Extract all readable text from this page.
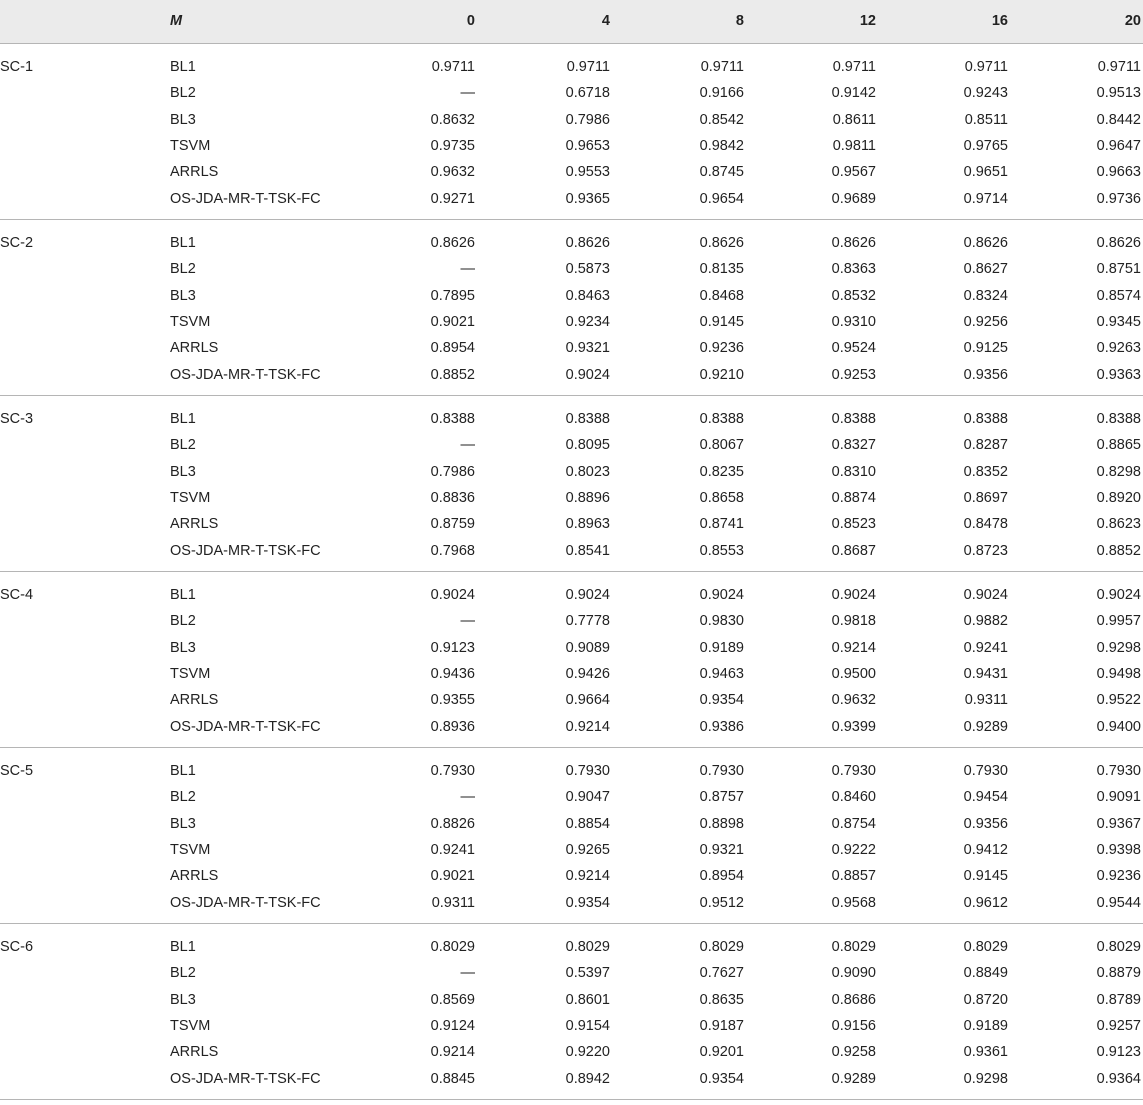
M	0	4	8	12	16	20
SC-1	BL1	0.9711	0.9711	0.9711	0.9711	0.9711	0.9711
BL2	—	0.6718	0.9166	0.9142	0.9243	0.9513
BL3	0.8632	0.7986	0.8542	0.8611	0.8511	0.8442
TSVM	0.9735	0.9653	0.9842	0.9811	0.9765	0.9647
ARRLS	0.9632	0.9553	0.8745	0.9567	0.9651	0.9663
OS-JDA-MR-T-TSK-FC	0.9271	0.9365	0.9654	0.9689	0.9714	0.9736
SC-2	BL1	0.8626	0.8626	0.8626	0.8626	0.8626	0.8626
BL2	—	0.5873	0.8135	0.8363	0.8627	0.8751
BL3	0.7895	0.8463	0.8468	0.8532	0.8324	0.8574
TSVM	0.9021	0.9234	0.9145	0.9310	0.9256	0.9345
ARRLS	0.8954	0.9321	0.9236	0.9524	0.9125	0.9263
OS-JDA-MR-T-TSK-FC	0.8852	0.9024	0.9210	0.9253	0.9356	0.9363
SC-3	BL1	0.8388	0.8388	0.8388	0.8388	0.8388	0.8388
BL2	—	0.8095	0.8067	0.8327	0.8287	0.8865
BL3	0.7986	0.8023	0.8235	0.8310	0.8352	0.8298
TSVM	0.8836	0.8896	0.8658	0.8874	0.8697	0.8920
ARRLS	0.8759	0.8963	0.8741	0.8523	0.8478	0.8623
OS-JDA-MR-T-TSK-FC	0.7968	0.8541	0.8553	0.8687	0.8723	0.8852
SC-4	BL1	0.9024	0.9024	0.9024	0.9024	0.9024	0.9024
BL2	—	0.7778	0.9830	0.9818	0.9882	0.9957
BL3	0.9123	0.9089	0.9189	0.9214	0.9241	0.9298
TSVM	0.9436	0.9426	0.9463	0.9500	0.9431	0.9498
ARRLS	0.9355	0.9664	0.9354	0.9632	0.9311	0.9522
OS-JDA-MR-T-TSK-FC	0.8936	0.9214	0.9386	0.9399	0.9289	0.9400
SC-5	BL1	0.7930	0.7930	0.7930	0.7930	0.7930	0.7930
BL2	—	0.9047	0.8757	0.8460	0.9454	0.9091
BL3	0.8826	0.8854	0.8898	0.8754	0.9356	0.9367
TSVM	0.9241	0.9265	0.9321	0.9222	0.9412	0.9398
ARRLS	0.9021	0.9214	0.8954	0.8857	0.9145	0.9236
OS-JDA-MR-T-TSK-FC	0.9311	0.9354	0.9512	0.9568	0.9612	0.9544
SC-6	BL1	0.8029	0.8029	0.8029	0.8029	0.8029	0.8029
BL2	—	0.5397	0.7627	0.9090	0.8849	0.8879
BL3	0.8569	0.8601	0.8635	0.8686	0.8720	0.8789
TSVM	0.9124	0.9154	0.9187	0.9156	0.9189	0.9257
ARRLS	0.9214	0.9220	0.9201	0.9258	0.9361	0.9123
OS-JDA-MR-T-TSK-FC	0.8845	0.8942	0.9354	0.9289	0.9298	0.9364
